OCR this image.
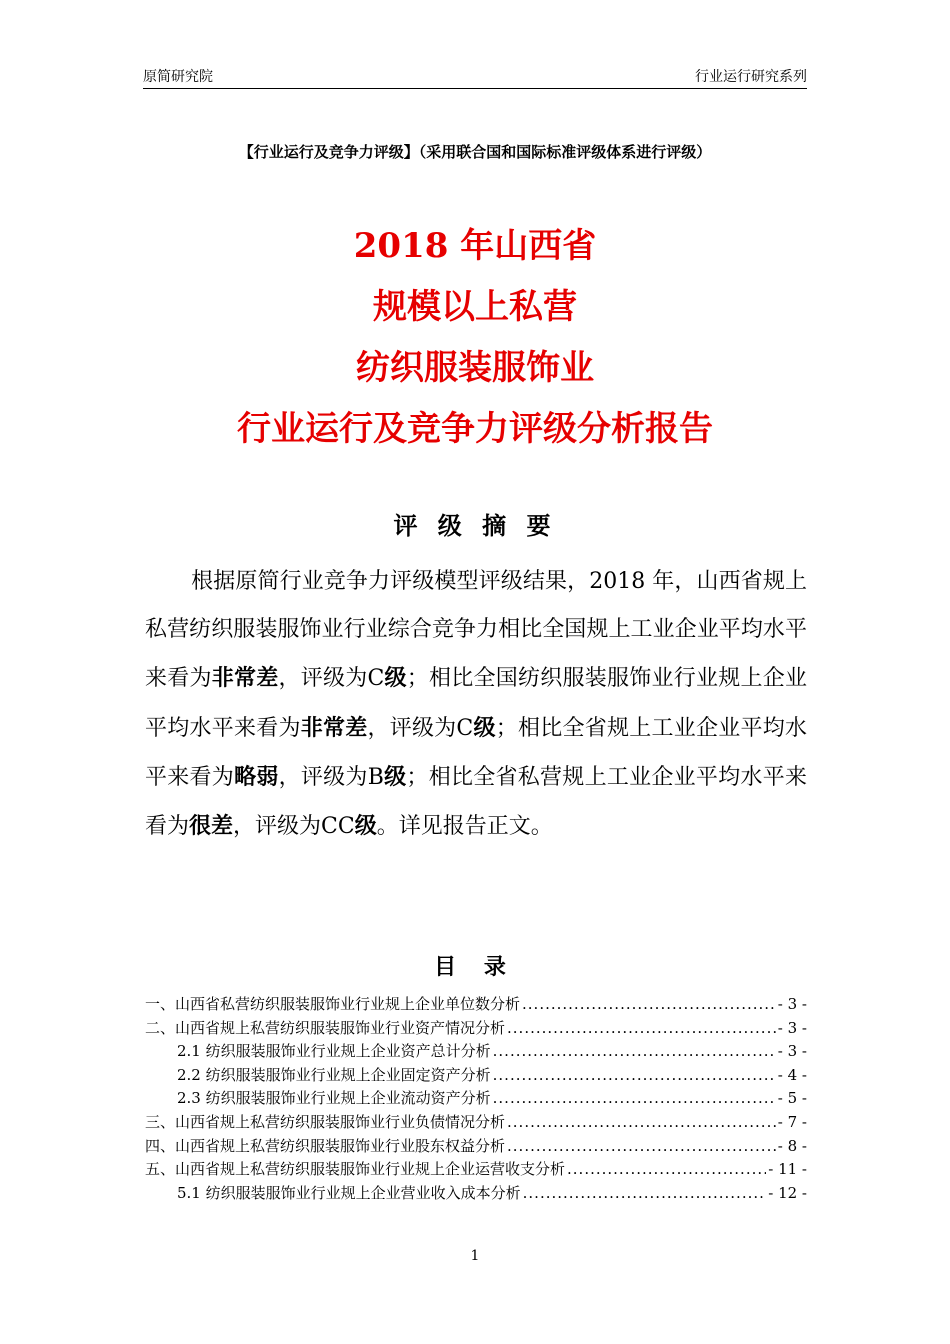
原简研究院	行业运行研究系列
【行业运行及竞争力评级】（采用联合国和国际标准评级体系进行评级）
2018 年山西省
规模以上私营
纺织服装服饰业
行业运行及竞争力评级分析报告
评 级 摘 要
根据原简行业竞争力评级模型评级结果，2018 年，山西省规上私营纺织服装服饰业行业综合竞争力相比全国规上工业企业平均水平来看为非常差，评级为C级；相比全国纺织服装服饰业行业规上企业平均水平来看为非常差，评级为C级；相比全省规上工业企业平均水平来看为略弱，评级为B级；相比全省私营规上工业企业平均水平来看为很差，评级为CC级。详见报告正文。
目 录
一、山西省私营纺织服装服饰业行业规上企业单位数分析 .....	- 3 -
二、山西省规上私营纺织服装服饰业行业资产情况分析 .....	- 3 -
2.1 纺织服装服饰业行业规上企业资产总计分析 .....	- 3 -
2.2 纺织服装服饰业行业规上企业固定资产分析 .....	- 4 -
2.3 纺织服装服饰业行业规上企业流动资产分析 .....	- 5 -
三、山西省规上私营纺织服装服饰业行业负债情况分析 .....	- 7 -
四、山西省规上私营纺织服装服饰业行业股东权益分析 .....	- 8 -
五、山西省规上私营纺织服装服饰业行业规上企业运营收支分析 .....	- 11 -
5.1 纺织服装服饰业行业规上企业营业收入成本分析 .....	- 12 -
1
